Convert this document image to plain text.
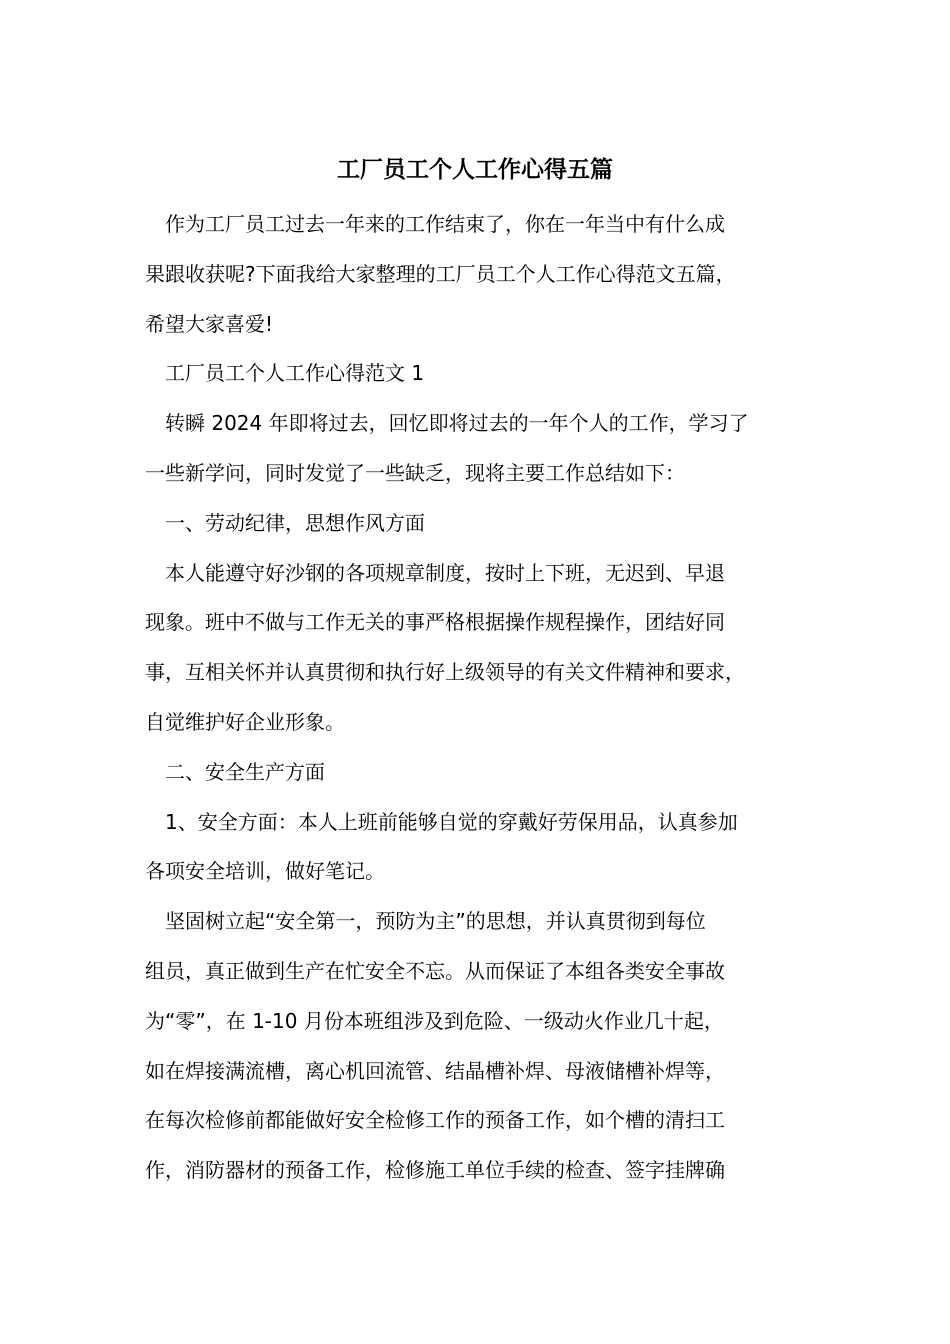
工厂员工个人工作心得五篇
作为工厂员工过去一年来的工作结束了，你在一年当中有什么成
果跟收获呢?下面我给大家整理的工厂员工个人工作心得范文五篇，
希望大家喜爱!
工厂员工个人工作心得范文 1
转瞬 2024 年即将过去，回忆即将过去的一年个人的工作，学习了
一些新学问，同时发觉了一些缺乏，现将主要工作总结如下：
一、劳动纪律，思想作风方面
本人能遵守好沙钢的各项规章制度，按时上下班，无迟到、早退
现象。班中不做与工作无关的事严格根据操作规程操作，团结好同
事，互相关怀并认真贯彻和执行好上级领导的有关文件精神和要求，
自觉维护好企业形象。
二、安全生产方面
1、安全方面：本人上班前能够自觉的穿戴好劳保用品，认真参加
各项安全培训，做好笔记。
坚固树立起“安全第一，预防为主”的思想，并认真贯彻到每位
组员，真正做到生产在忙安全不忘。从而保证了本组各类安全事故
为“零”，在 1-10 月份本班组涉及到危险、一级动火作业几十起，
如在焊接满流槽，离心机回流管、结晶槽补焊、母液储槽补焊等，
在每次检修前都能做好安全检修工作的预备工作，如个槽的清扫工
作，消防器材的预备工作，检修施工单位手续的检查、签字挂牌确
